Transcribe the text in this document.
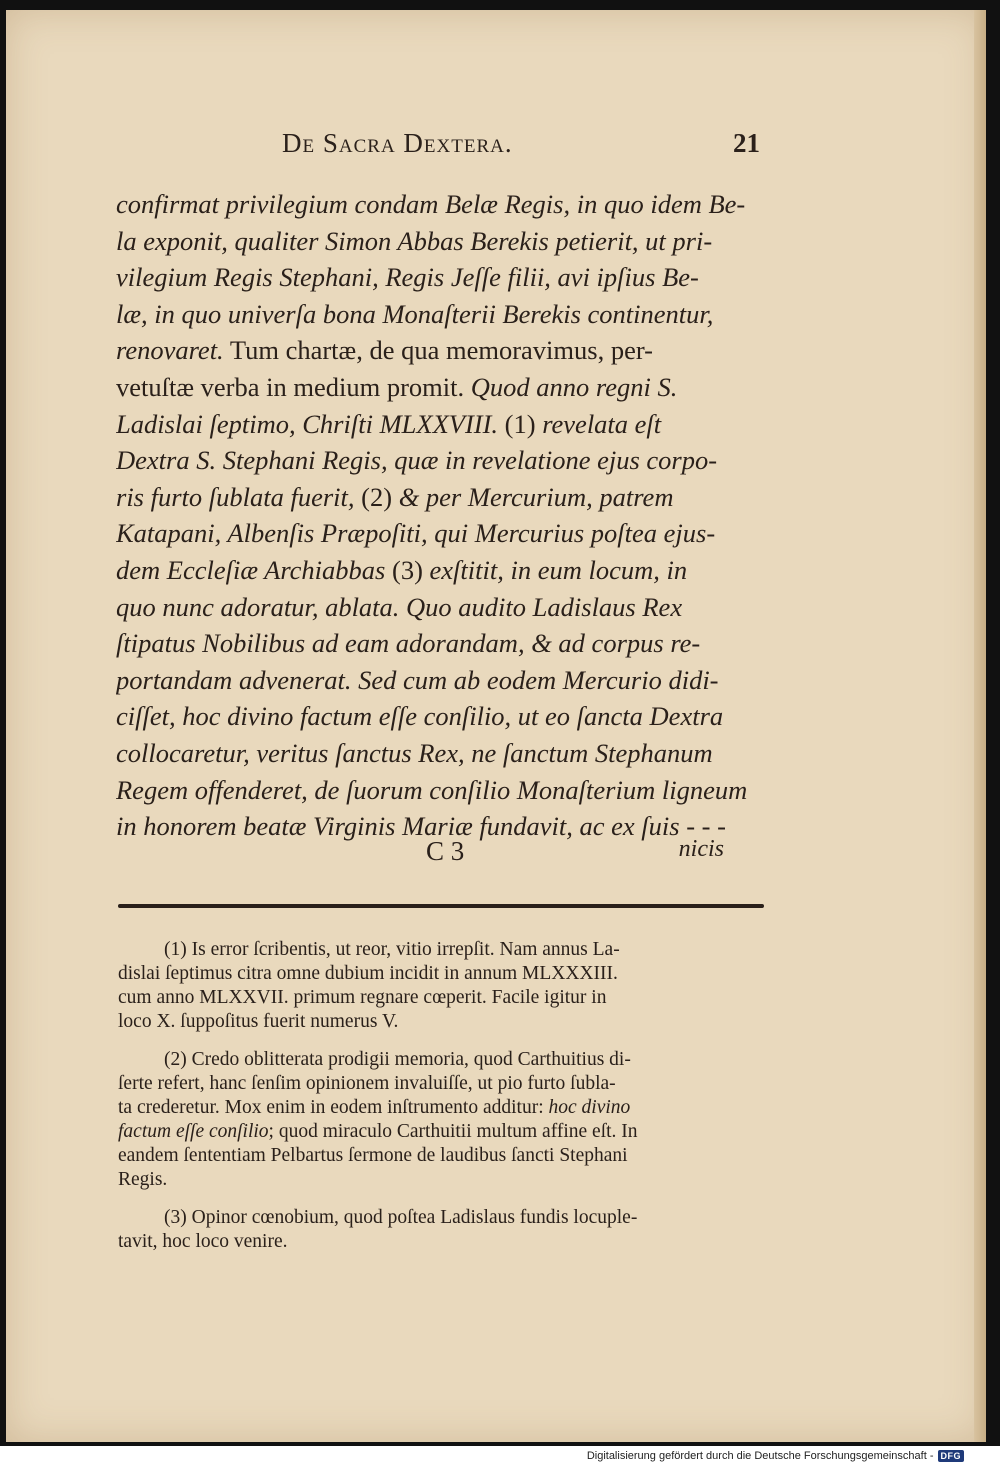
De Sacra Dextera.	21
confirmat privilegium condam Belæ Regis, in quo idem Be-
la exponit, qualiter Simon Abbas Berekis petierit, ut pri-
vilegium Regis Stephani, Regis Jeſſe filii, avi ipſius Be-
læ, in quo univerſa bona Monaſterii Berekis continentur,
renovaret. Tum chartæ, de qua memoravimus, per-
vetuſtæ verba in medium promit. Quod anno regni S.
Ladislai ſeptimo, Chriſti MLXXVIII. (1) revelata eſt
Dextra S. Stephani Regis, quæ in revelatione ejus corpo-
ris furto ſublata fuerit, (2) & per Mercurium, patrem
Katapani, Albenſis Præpoſiti, qui Mercurius poſtea ejus-
dem Eccleſiæ Archiabbas (3) exſtitit, in eum locum, in
quo nunc adoratur, ablata. Quo audito Ladislaus Rex
ſtipatus Nobilibus ad eam adorandam, & ad corpus re-
portandam advenerat. Sed cum ab eodem Mercurio didi-
ciſſet, hoc divino factum eſſe conſilio, ut eo ſancta Dextra
collocaretur, veritus ſanctus Rex, ne ſanctum Stephanum
Regem offenderet, de ſuorum conſilio Monaſterium ligneum
in honorem beatæ Virginis Mariæ fundavit, ac ex ſuis - - -
C 3	nicis
(1) Is error ſcribentis, ut reor, vitio irrepſit. Nam annus La-
dislai ſeptimus citra omne dubium incidit in annum MLXXXIII.
cum anno MLXXVII. primum regnare cœperit. Facile igitur in
loco X. ſuppoſitus fuerit numerus V.
(2) Credo oblitterata prodigii memoria, quod Carthuitius di-
ſerte refert, hanc ſenſim opinionem invaluiſſe, ut pio furto ſubla-
ta crederetur. Mox enim in eodem inſtrumento additur: hoc divino
factum eſſe conſilio; quod miraculo Carthuitii multum affine eſt. In
eandem ſententiam Pelbartus ſermone de laudibus ſancti Stephani
Regis.
(3) Opinor cœnobium, quod poſtea Ladislaus fundis locuple-
tavit, hoc loco venire.
Digitalisierung gefördert durch die Deutsche Forschungsgemeinschaft - DFG
